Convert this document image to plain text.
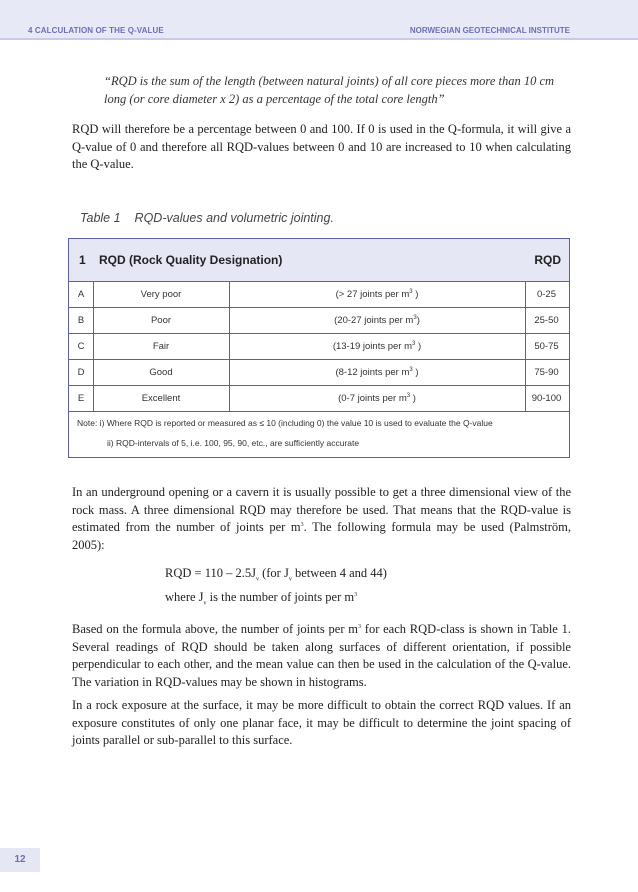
4 CALCULATION OF THE Q-VALUE	NORWEGIAN GEOTECHNICAL INSTITUTE
“RQD is the sum of the length (between natural joints) of all core pieces more than 10 cm long (or core diameter x 2) as a percentage of the total core length”
RQD will therefore be a percentage between 0 and 100. If 0 is used in the Q-formula, it will give a Q-value of 0 and therefore all RQD-values between 0 and 10 are increased to 10 when calculating the Q-value.
Table 1 RQD-values and volumetric jointing.
1 RQD (Rock Quality Designation)	RQD
A	Very poor	(> 27 joints per $m^3$ )	0-25
B	Poor	(20-27 joints per $m^3$)	25-50
C	Fair	(13-19 joints per $m^3$ )	50-75
D	Good	(8-12 joints per $m^3$ )	75-90
E	Excellent	(0-7 joints per $m^3$ )	90-100
Note: i) Where RQD is reported or measured as ≤ 10 (including 0) the value 10 is used to evaluate the Q-value
ii) RQD-intervals of 5, i.e. 100, 95, 90, etc., are sufficiently accurate
In an underground opening or a cavern it is usually possible to get a three dimensional view of the rock mass. A three dimensional RQD may therefore be used. That means that the RQD-value is estimated from the number of joints per $m^3$. The following formula may be used (Palmström, 2005):
RQD = $110 - 2.5J_v$ (for $J_v$ between 4 and 44)
where $J_v$ is the number of joints per $m^3$
Based on the formula above, the number of joints per $m^3$ for each RQD-class is shown in Table 1. Several readings of RQD should be taken along surfaces of different orientation, if possible perpendicular to each other, and the mean value can then be used in the calculation of the Q-value. The variation in RQD-values may be shown in histograms.
In a rock exposure at the surface, it may be more difficult to obtain the correct RQD values. If an exposure constitutes of only one planar face, it may be difficult to determine the joint spacing of joints parallel or sub-parallel to this surface.
12
